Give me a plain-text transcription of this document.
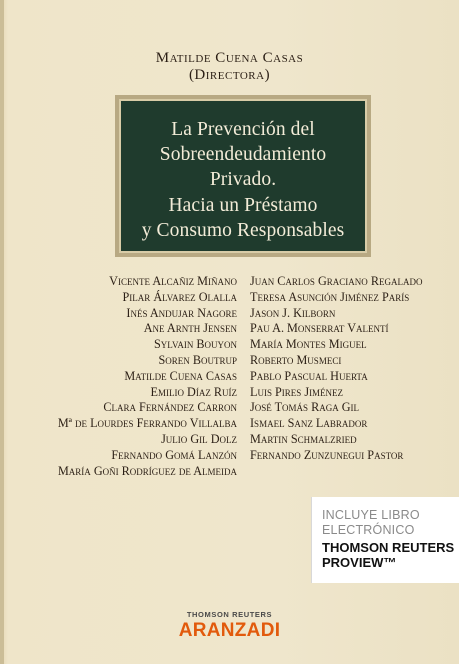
Matilde Cuena Casas
(Directora)
La Prevención del
Sobreendeudamiento
Privado.
Hacia un Préstamo
y Consumo Responsables
Vicente Alcañiz Miñano
Pilar Álvarez Olalla
Inés Andujar Nagore
Ane Arnth Jensen
Sylvain Bouyon
Soren Boutrup
Matilde Cuena Casas
Emilio Díaz Ruíz
Clara Fernández Carron
Mª de Lourdes Ferrando Villalba
Julio Gil Dolz
Fernando Gomá Lanzón
María Goñi Rodríguez de Almeida
Juan Carlos Graciano Regalado
Teresa Asunción Jiménez París
Jason J. Kilborn
Pau A. Monserrat Valentí
María Montes Miguel
Roberto Musmeci
Pablo Pascual Huerta
Luis Pires Jiménez
José Tomás Raga Gil
Ismael Sanz Labrador
Martin Schmalzried
Fernando Zunzunegui Pastor
INCLUYE LIBRO
ELECTRÓNICO
THOMSON REUTERS
PROVIEW™
THOMSON REUTERS
ARANZADI
